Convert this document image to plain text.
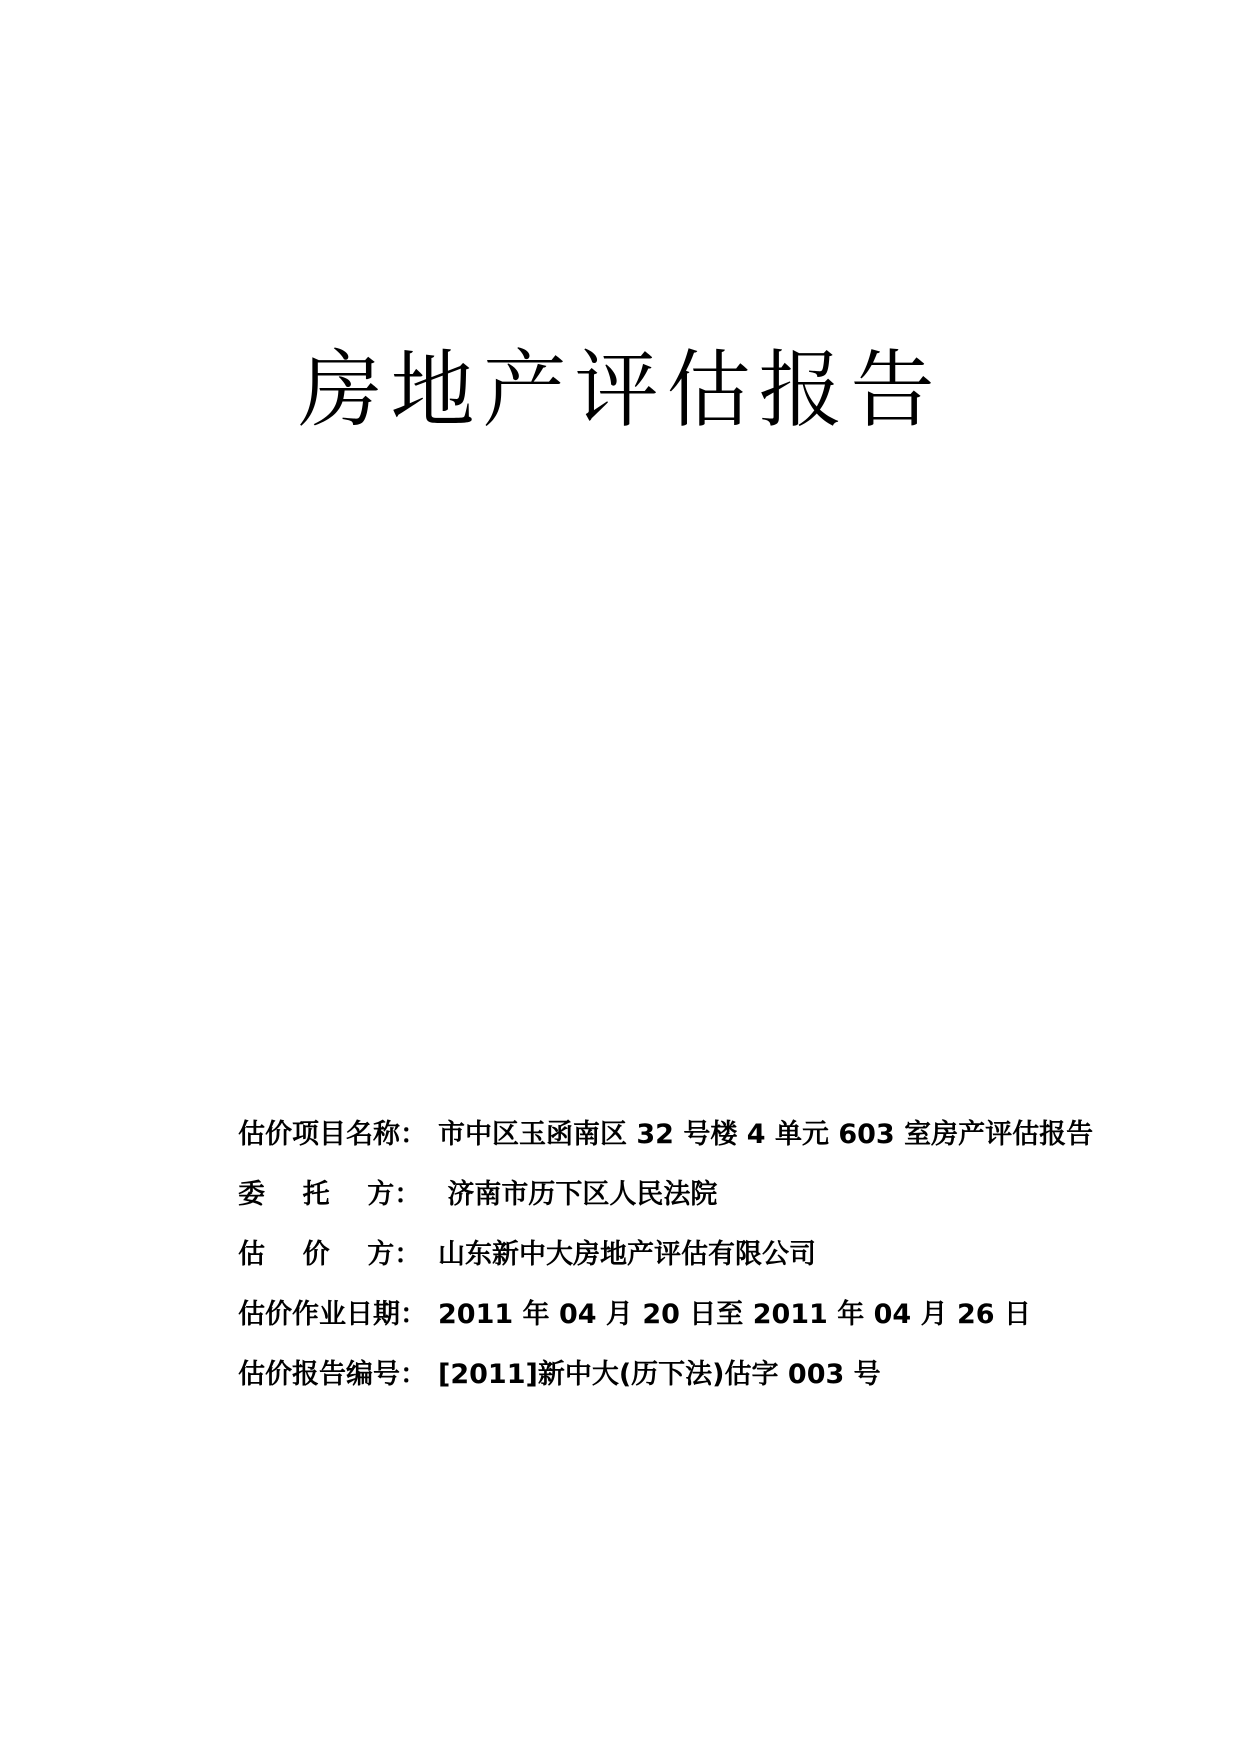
房地产评估报告
估价项目名称： 市中区玉函南区 32 号楼 4 单元 603 室房产评估报告
委    托    方： 济南市历下区人民法院
估    价    方： 山东新中大房地产评估有限公司
估价作业日期： 2011 年 04 月 20 日至 2011 年 04 月 26 日
估价报告编号： [2011]新中大(历下法)估字 003 号
